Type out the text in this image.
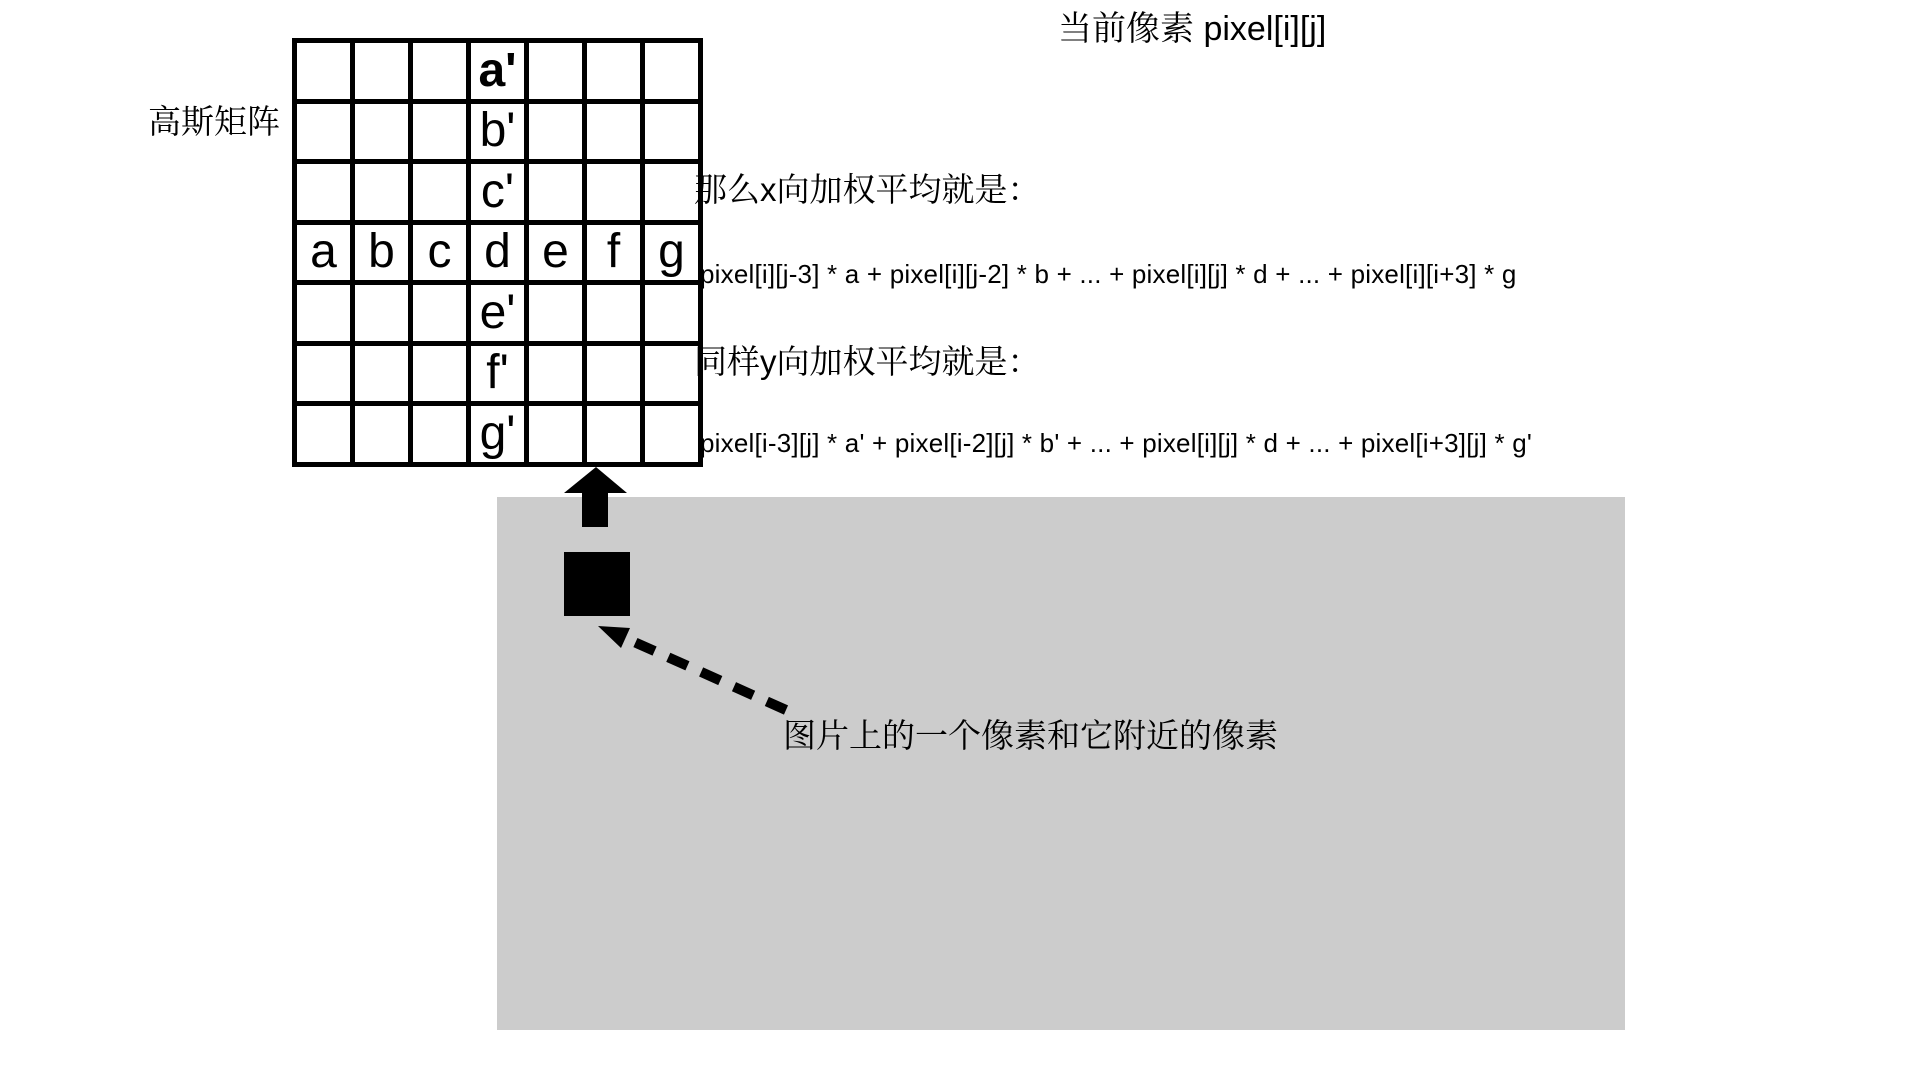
高斯矩阵
a'
b'
c'
a b c d e f g
e'
f'
g'
当前像素 pixel[i][j]
那么x向加权平均就是：
pixel[i][j-3] * a + pixel[i][j-2] * b + ... + pixel[i][j] * d + ... + pixel[i][i+3] * g
同样y向加权平均就是：
pixel[i-3][j] * a' + pixel[i-2][j] * b' + ... + pixel[i][j] * d + ... + pixel[i+3][j] * g'
图片上的一个像素和它附近的像素
